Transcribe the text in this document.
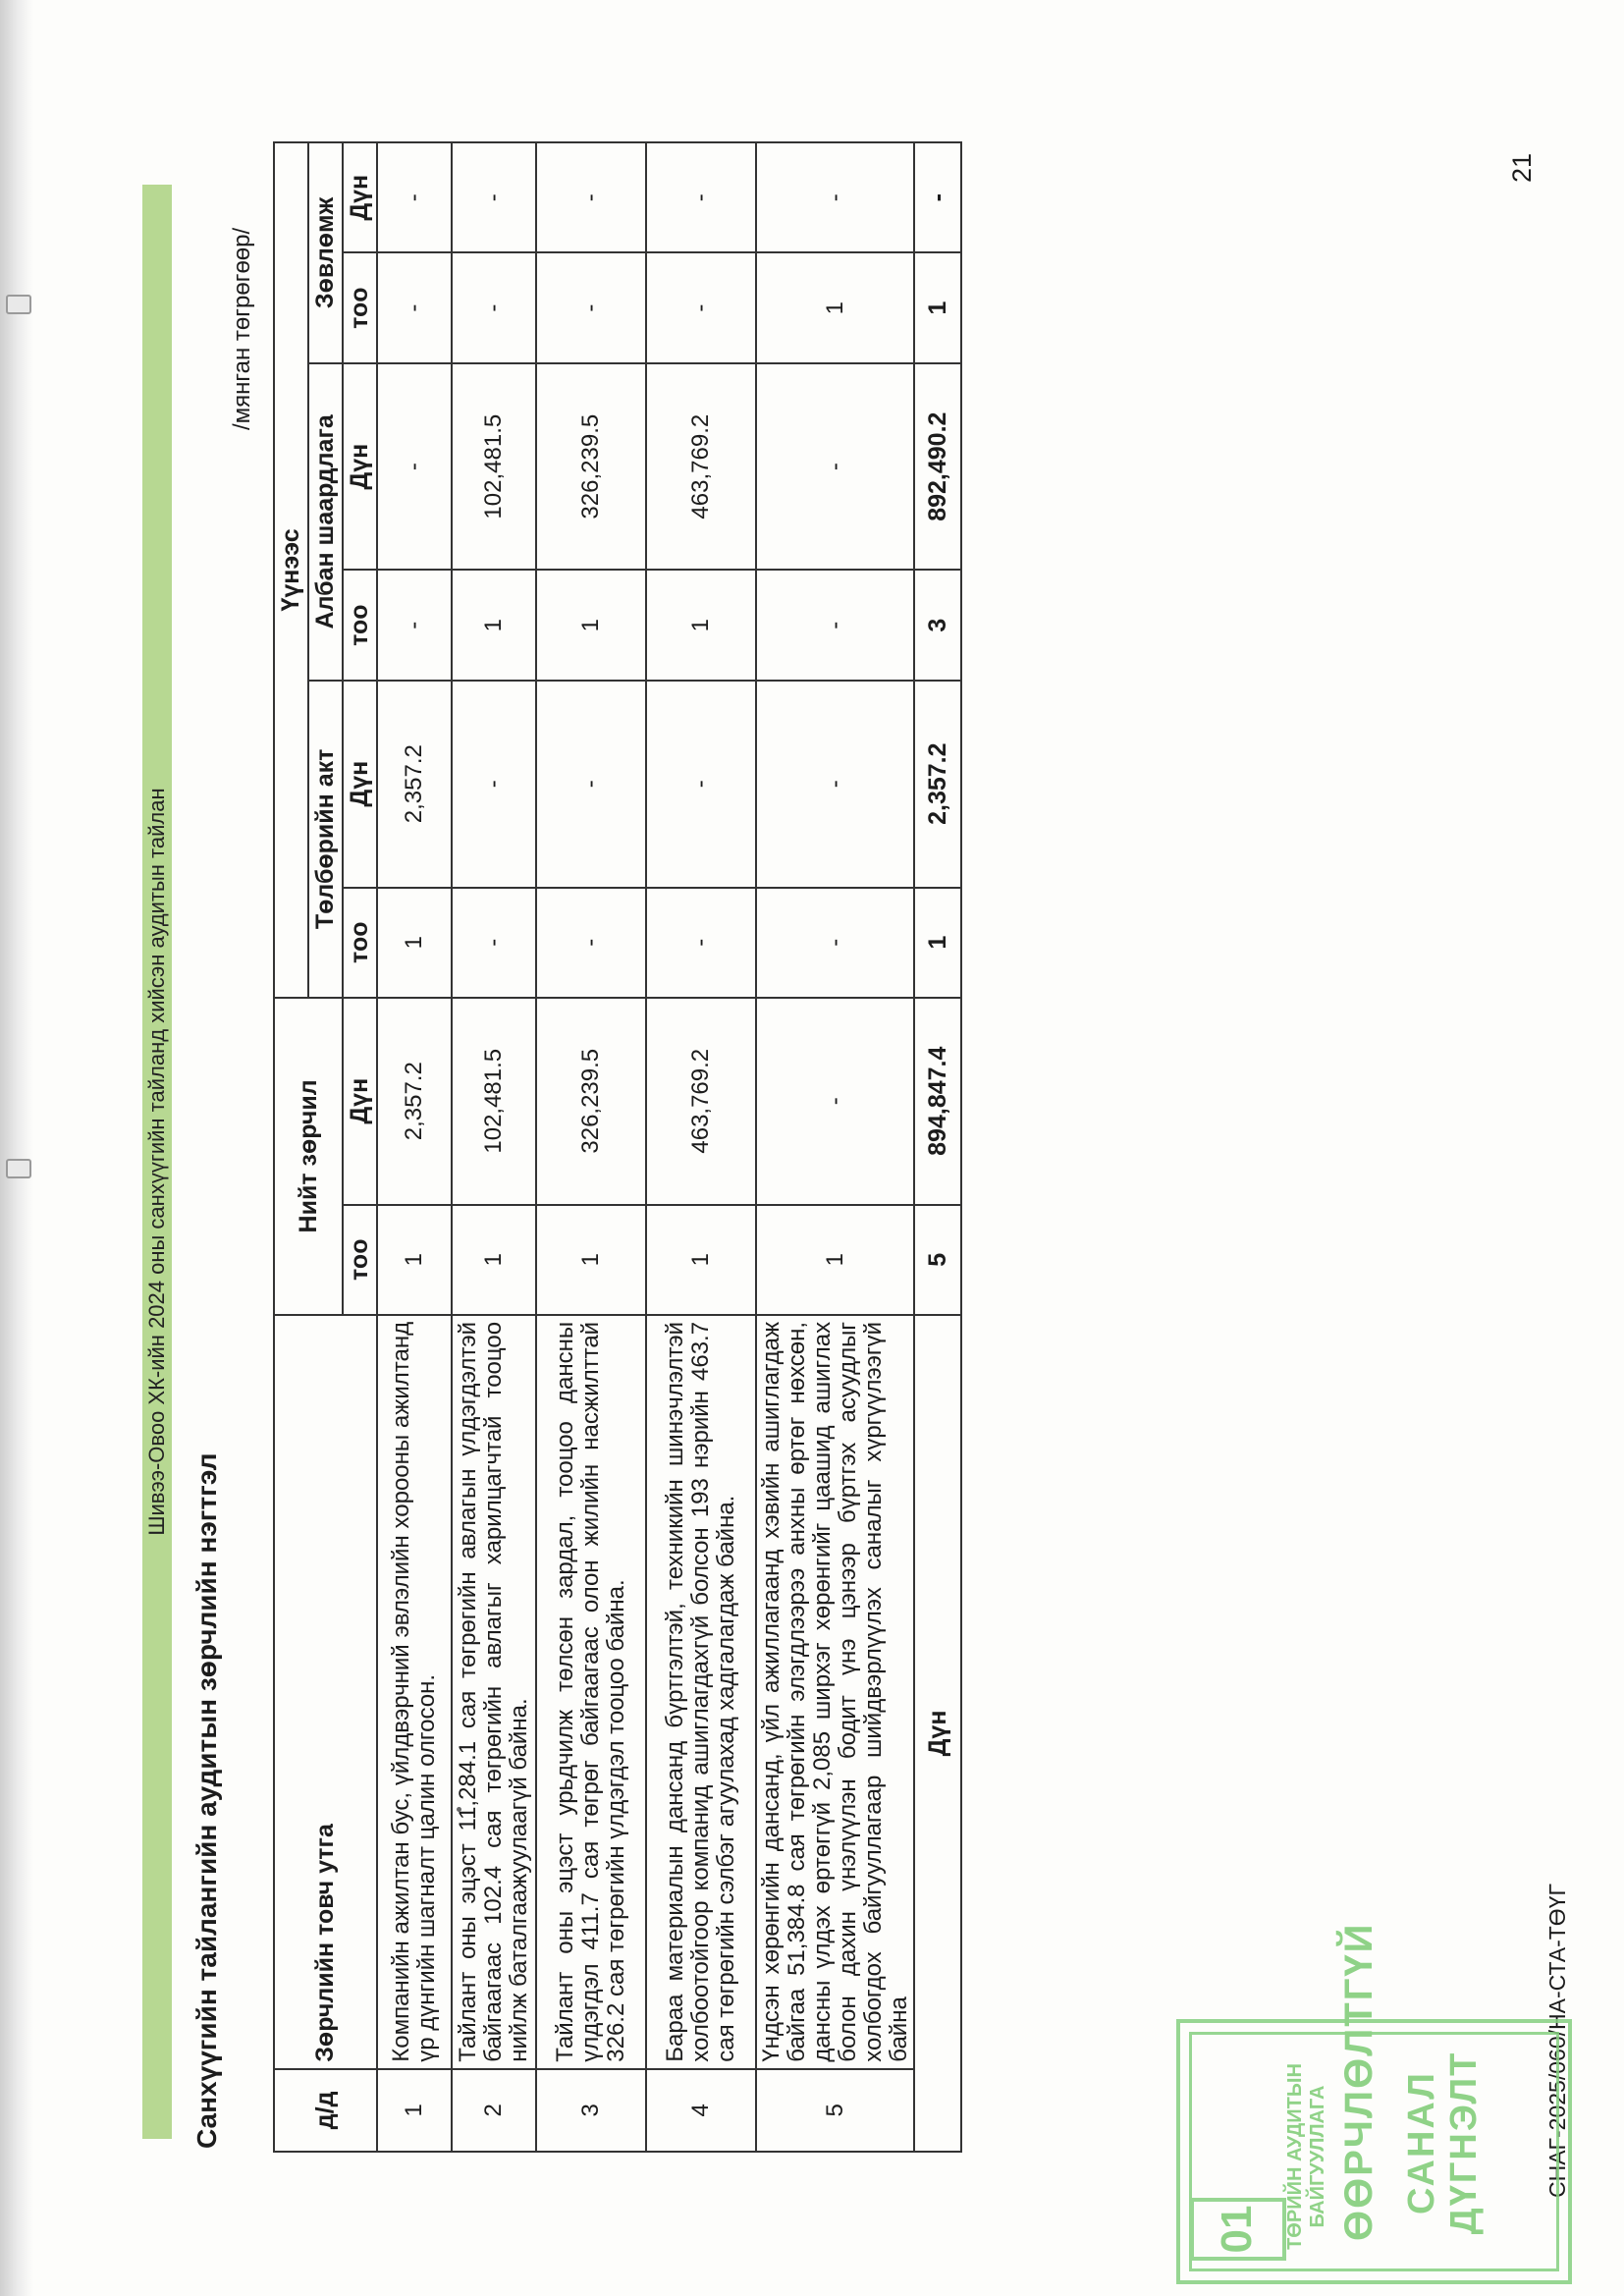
Шивээ-Овоо ХК-ийн 2024 оны санхүүгийн тайланд хийсэн аудитын тайлан
Санхүүгийн тайлангийн аудитын зөрчлийн нэгтгэл
/мянган төгрөгөөр/
д/д	Зөрчлийн товч утга	Нийт зөрчил		Үүнээс					
				Төлбөрийн акт		Албан шаардлага		Зөвлөмж	
		тоо	Дүн	тоо	Дүн	тоо	Дүн	тоо	Дүн
1	Компанийн ажилтан бус, үйлдвэрчний эвлэлийн хорооны ажилтанд үр дүнгийн шагналт цалин олгосон.	1	2,357.2	1	2,357.2	-	-	-	-
2	Тайлант оны эцэст 11,284.1 сая төгрөгийн авлагын үлдэгдэлтэй байгаагаас 102.4 сая төгрөгийн авлагыг харилцагчтай тооцоо нийлж баталгаажуулаагүй байна.	1	102,481.5	-	-	1	102,481.5	-	-
3	Тайлант оны эцэст урьдчилж төлсөн зардал, тооцоо дансны үлдэгдэл 411.7 сая төгрөг байгаагаас олон жилийн насжилттай 326.2 сая төгрөгийн үлдэгдэл тооцоо байна.	1	326,239.5	-	-	1	326,239.5	-	-
4	Бараа материалын дансанд бүртгэлтэй, техникийн шинэчлэлтэй холбоотойгоор компанид ашиглагдахгүй болсон 193 нэрийн 463.7 сая төгрөгийн сэлбэг агуулахад хадгалагдаж байна.	1	463,769.2	-	-	1	463,769.2	-	-
5	Үндсэн хөрөнгийн дансанд, үйл ажиллагаанд хэвийн ашиглагдаж байгаа 51,384.8 сая төгрөгийн элэгдлээрээ анхны өртөг нөхсөн, дансны үлдэх өртөггүй 2,085 ширхэг хөрөнгийг цаашид ашиглах болон дахин үнэлүүлэн бодит үнэ цэнээр бүртгэх асуудлыг холбогдох байгууллагаар шийдвэрлүүлэх саналыг хүргүүлээгүй байна	1	-	-	-	-	-	1	-
Дүн		5	894,847.4	1	2,357.2	3	892,490.2	1	-
СНАГ-2025/060/НА-СТА-ТӨҮГ
21
01	ТӨРИЙН АУДИТЫН БАЙГУУЛЛАГА ӨӨРЧЛӨЛТГҮЙ САНАЛ ДҮГНЭЛТ
